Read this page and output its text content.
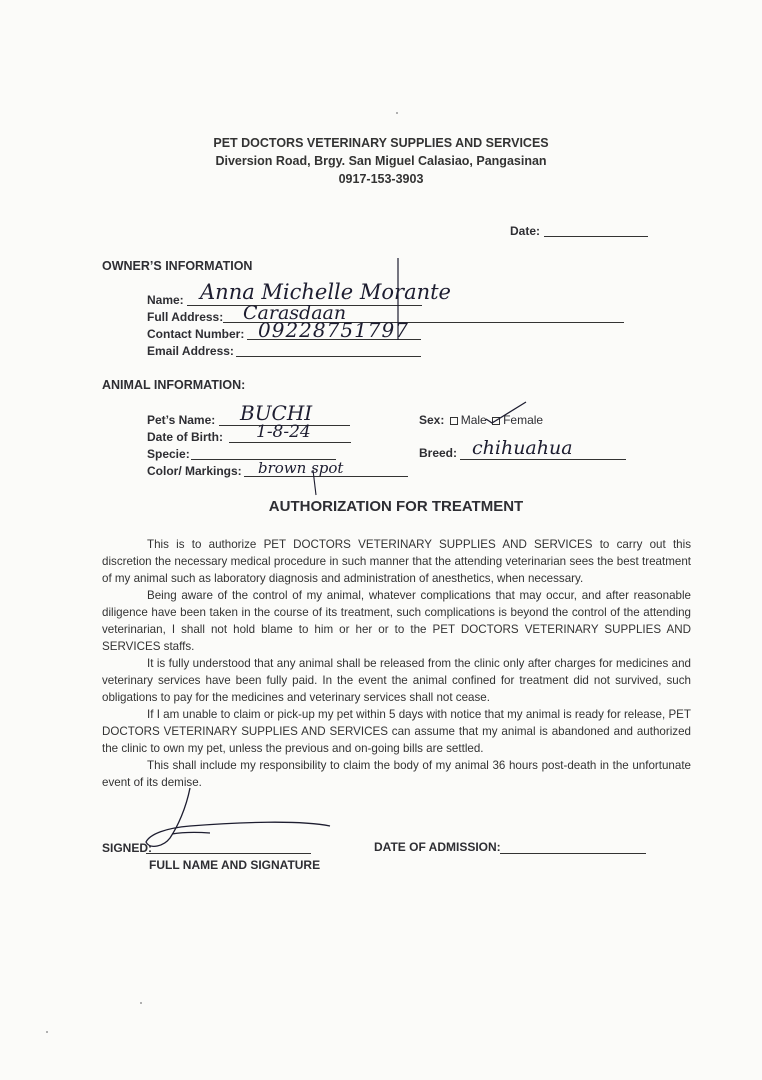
PET DOCTORS VETERINARY SUPPLIES AND SERVICES
Diversion Road, Brgy. San Miguel Calasiao, Pangasinan
0917-153-3903
Date:
OWNER’S INFORMATION
Name: Anna Michelle Morante
Full Address: Carasdaan
Contact Number: 09228751797
Email Address:
ANIMAL INFORMATION:
Pet’s Name: BUCHI
Date of Birth: 1-8-24
Specie:
Color/ Markings: brown spot
Sex: Male Female
Breed: chihuahua
AUTHORIZATION FOR TREATMENT

This is to authorize PET DOCTORS VETERINARY SUPPLIES AND SERVICES to carry out this discretion the necessary medical procedure in such manner that the attending veterinarian sees the best treatment of my animal such as laboratory diagnosis and administration of anesthetics, when necessary.

Being aware of the control of my animal, whatever complications that may occur, and after reasonable diligence have been taken in the course of its treatment, such complications is beyond the control of the attending veterinarian, I shall not hold blame to him or her or to the PET DOCTORS VETERINARY SUPPLIES AND SERVICES staffs.

It is fully understood that any animal shall be released from the clinic only after charges for medicines and veterinary services have been fully paid. In the event the animal confined for treatment did not survived, such obligations to pay for the medicines and veterinary services shall not cease.

If I am unable to claim or pick-up my pet within 5 days with notice that my animal is ready for release, PET DOCTORS VETERINARY SUPPLIES AND SERVICES can assume that my animal is abandoned and authorized the clinic to own my pet, unless the previous and on-going bills are settled.

This shall include my responsibility to claim the body of my animal 36 hours post-death in the unfortunate event of its demise.

SIGNED:
FULL NAME AND SIGNATURE
DATE OF ADMISSION:
